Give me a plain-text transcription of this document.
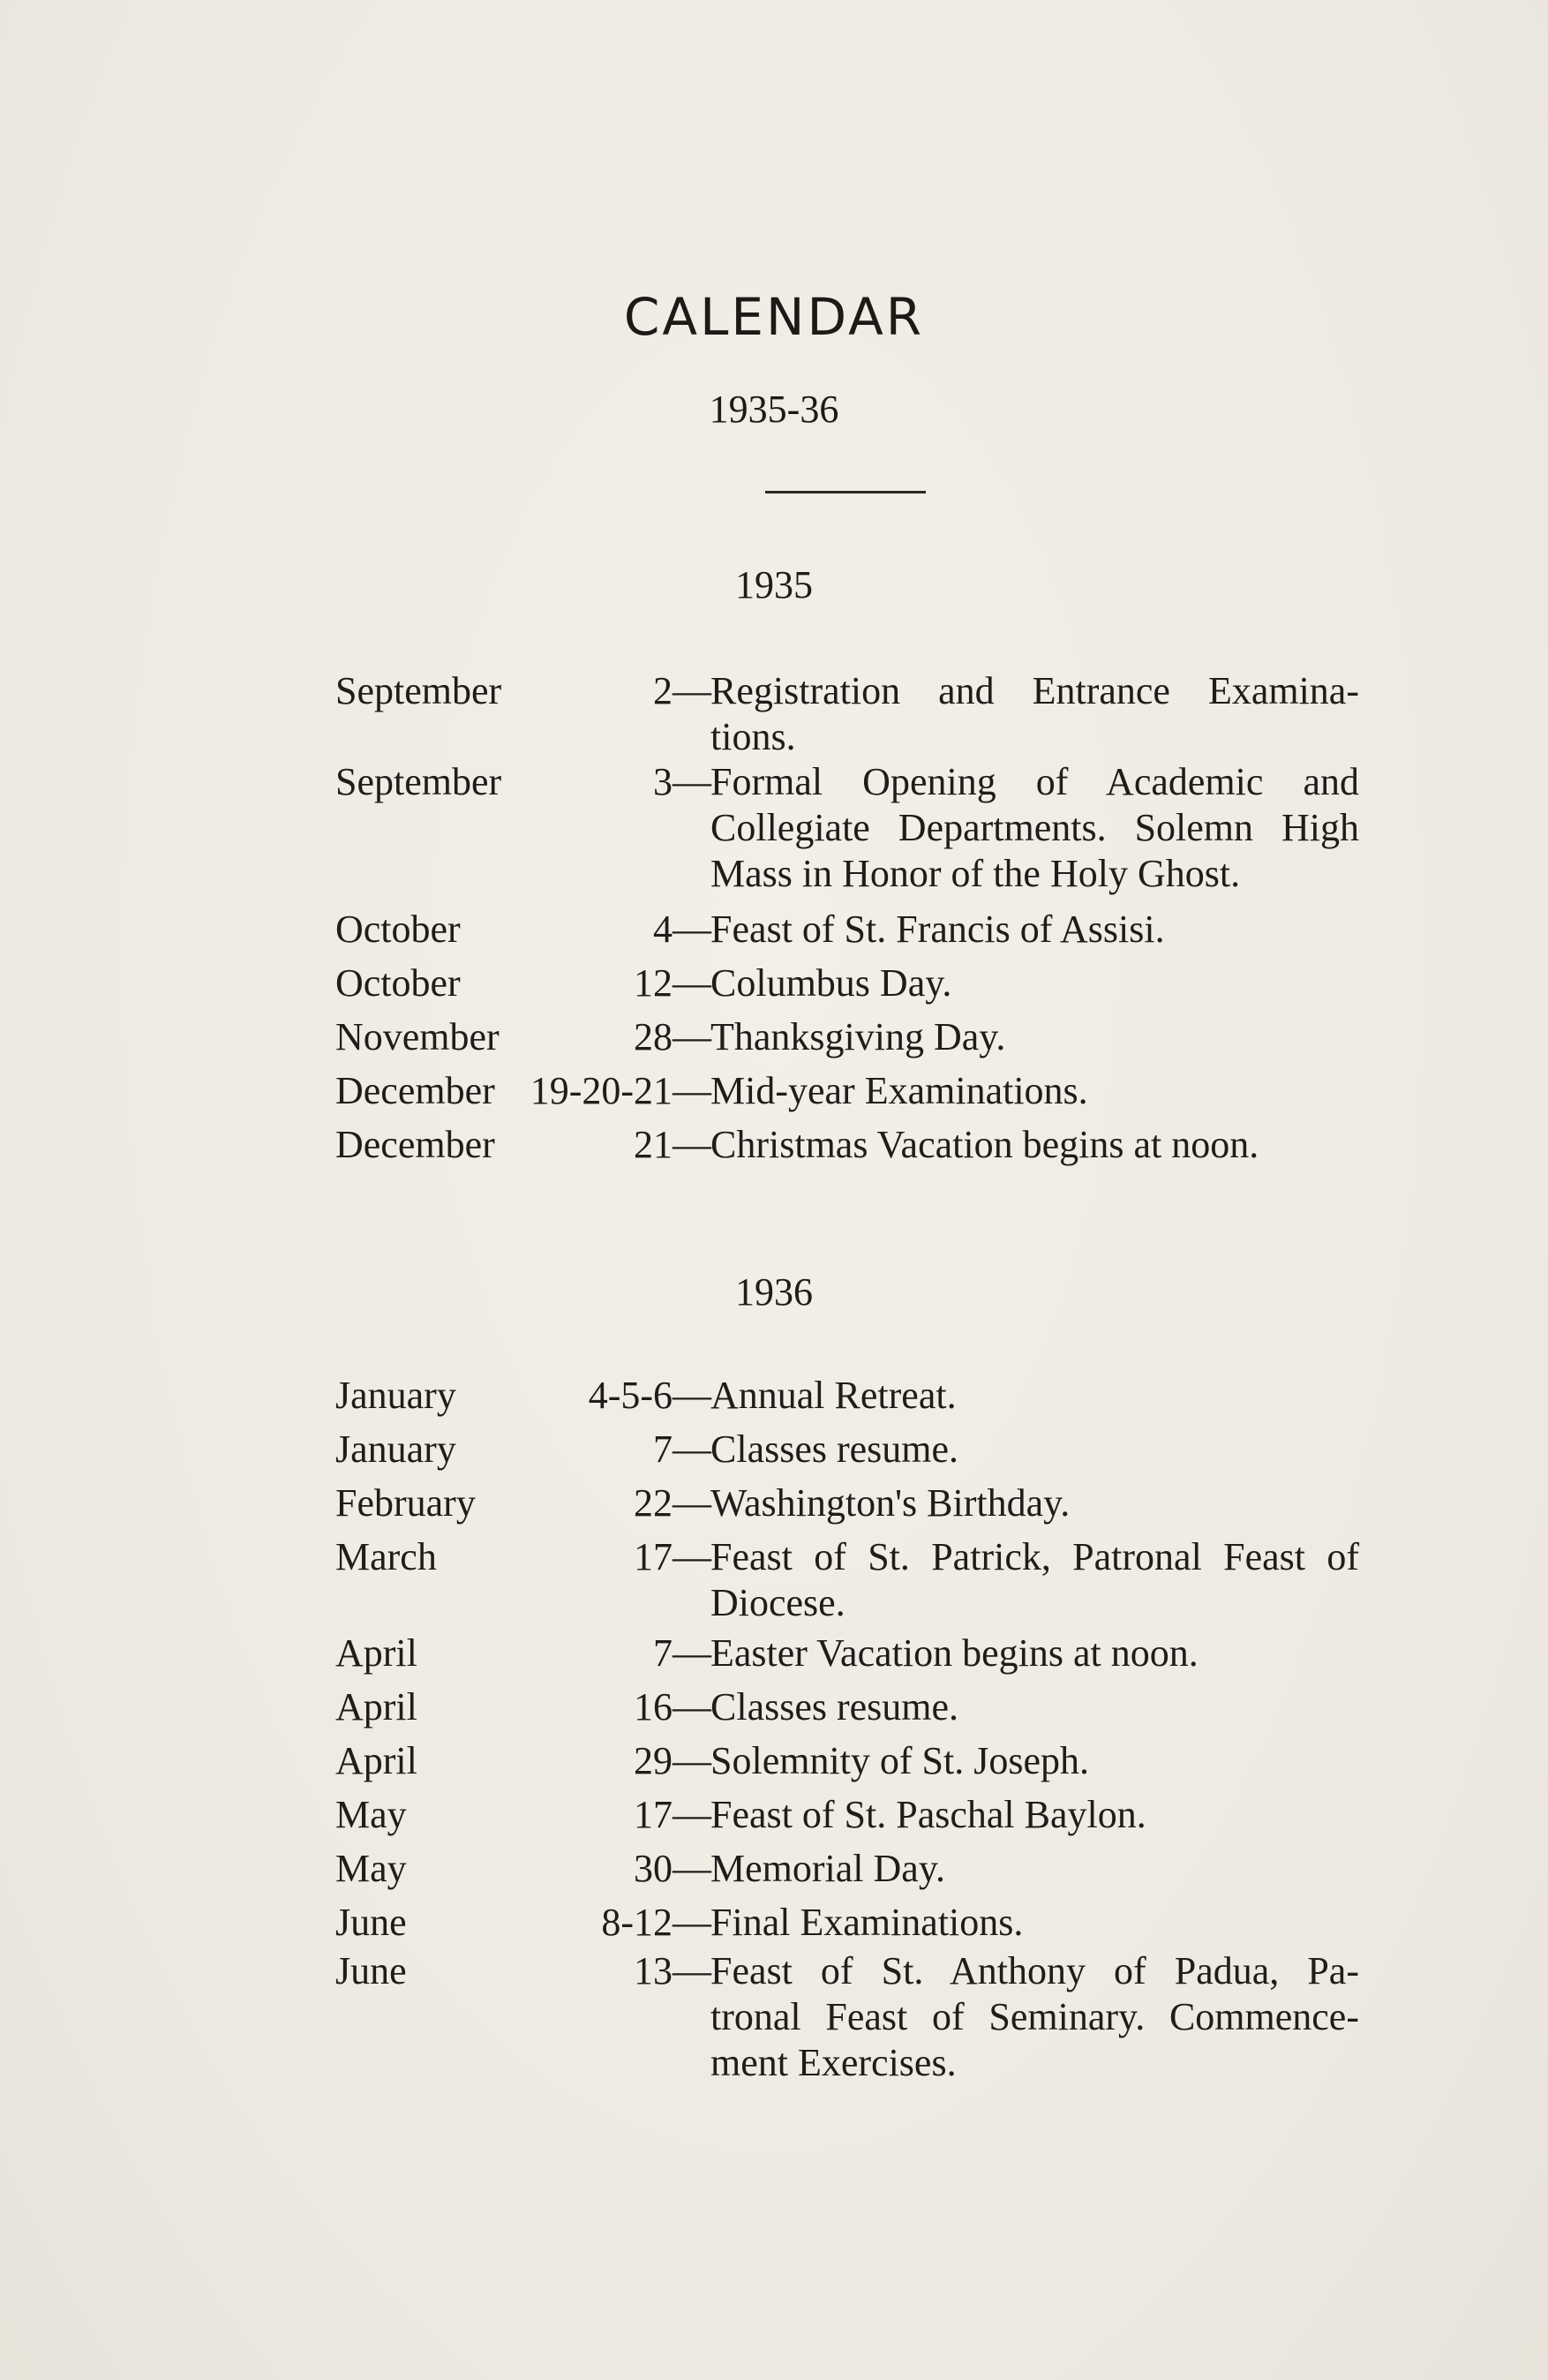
CALENDAR
1935-36
1935
1936
September	2— Registration and Entrance Examina-
tions.
September	3— Formal Opening of Academic and
Collegiate Departments. Solemn High
Mass in Honor of the Holy Ghost.
October	4— Feast of St. Francis of Assisi.
October	12— Columbus Day.
November	28— Thanksgiving Day.
December 19-20-21— Mid-year Examinations.
December	21— Christmas Vacation begins at noon.
January	4-5-6— Annual Retreat.
January	7— Classes resume.
February	22— Washington's Birthday.
March	17— Feast of St. Patrick, Patronal Feast of
Diocese.
April	7— Easter Vacation begins at noon.
April	16— Classes resume.
April	29— Solemnity of St. Joseph.
May	17— Feast of St. Paschal Baylon.
May	30— Memorial Day.
June	8-12— Final Examinations.
June	13— Feast of St. Anthony of Padua, Pa-
tronal Feast of Seminary. Commence-
ment Exercises.
